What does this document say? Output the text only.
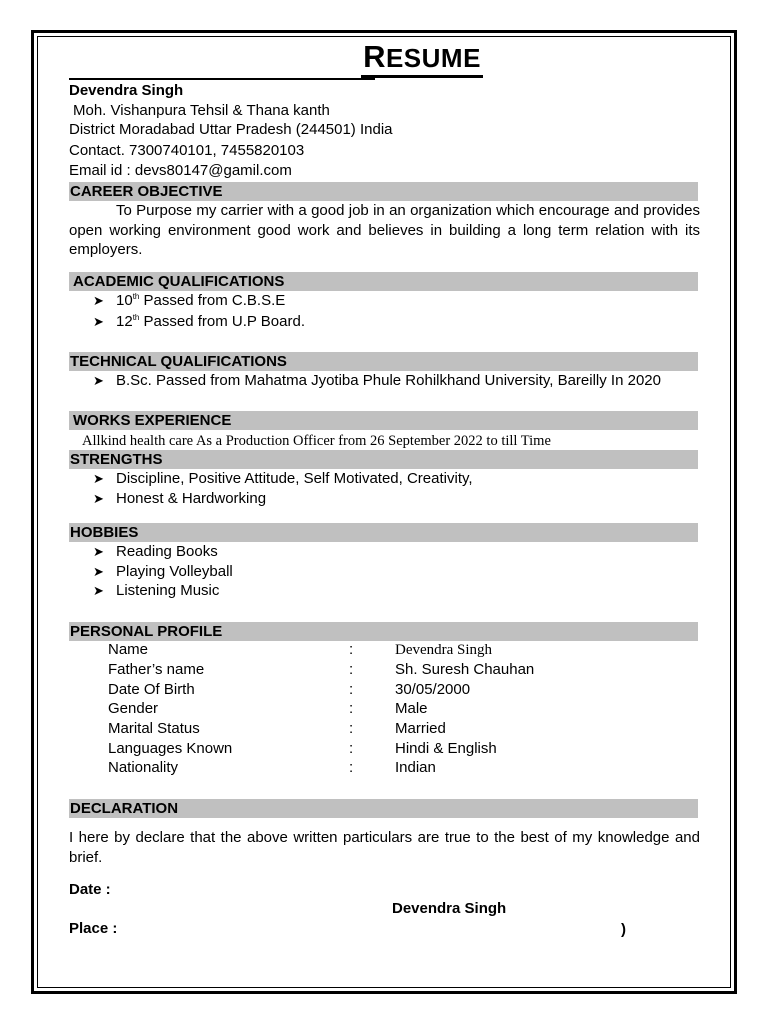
RESUME
Devendra Singh
Moh. Vishanpura Tehsil & Thana kanth
District Moradabad Uttar Pradesh (244501) India
Contact. 7300740101, 7455820103
Email id : devs80147@gamil.com
CAREER OBJECTIVE
To Purpose my carrier with a good job in an organization which encourage and provides open working environment good work and believes in building a long term relation with its employers.
ACADEMIC QUALIFICATIONS
➤ 10th Passed from C.B.S.E
➤ 12th Passed from U.P Board.
TECHNICAL QUALIFICATIONS
➤ B.Sc. Passed from Mahatma Jyotiba Phule Rohilkhand University, Bareilly In 2020
WORKS EXPERIENCE
Allkind health care As a Production Officer from 26 September 2022 to till Time
STRENGTHS
➤ Discipline, Positive Attitude, Self Motivated, Creativity,
➤ Honest & Hardworking
HOBBIES
➤ Reading Books
➤ Playing Volleyball
➤ Listening Music
PERSONAL PROFILE
Name	:	Devendra Singh
Father’s name	:	Sh. Suresh Chauhan
Date Of Birth	:	30/05/2000
Gender	:	Male
Marital Status	:	Married
Languages Known	:	Hindi & English
Nationality	:	Indian
DECLARATION
I here by declare that the above written particulars are true to the best of my knowledge and brief.
Date :
Devendra Singh
Place :	)
